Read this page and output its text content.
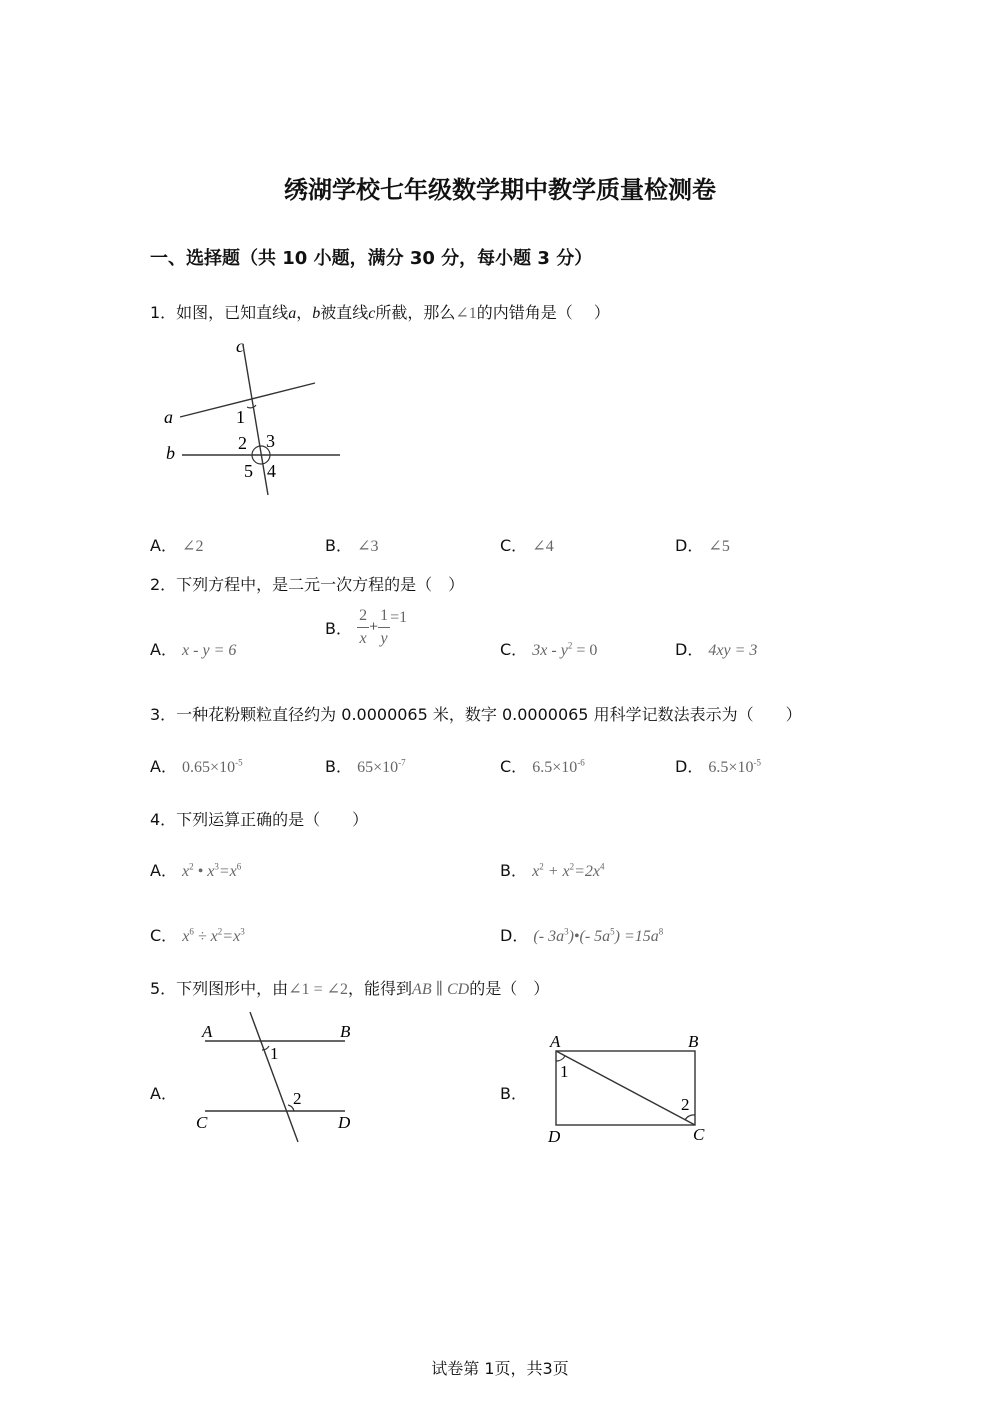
绣湖学校七年级数学期中教学质量检测卷
一、选择题（共 10 小题，满分 30 分，每小题 3 分）
1．如图，已知直线a，b被直线c所截，那么∠1的内错角是（　 ）
c
a
b
1
2 3
5 4
A． ∠2	B． ∠3	C． ∠4	D． ∠5
2．下列方程中，是二元一次方程的是（　）
A． x - y = 6
B． $\frac{2}{x} + \frac{1}{y} =1$
C． $3x - y^2 = 0$	D． 4xy = 3
3．一种花粉颗粒直径约为 0.0000065 米，数字 0.0000065 用科学记数法表示为（　　）
A． $0.65\times 10^{-5}$	B． $65\times 10^{-7}$	C． $6.5\times 10^{-6}$	D． $6.5\times 10^{-5}$
4．下列运算正确的是（　　）
A． $x^2$ • $x^3=x^6$	B． $x^2 + x^2=2x^4$
C． $x^6 \div x^2=x^3$	D． (- $3a^3)•(-$ $5a^5) =15a^8$
5．下列图形中，由∠1 = ∠2，能得到AB ∥ CD的是（　）
A．
A	B
1
2
C	D
B．
A	B
1
2
D	C
试卷第 1页，共3页
